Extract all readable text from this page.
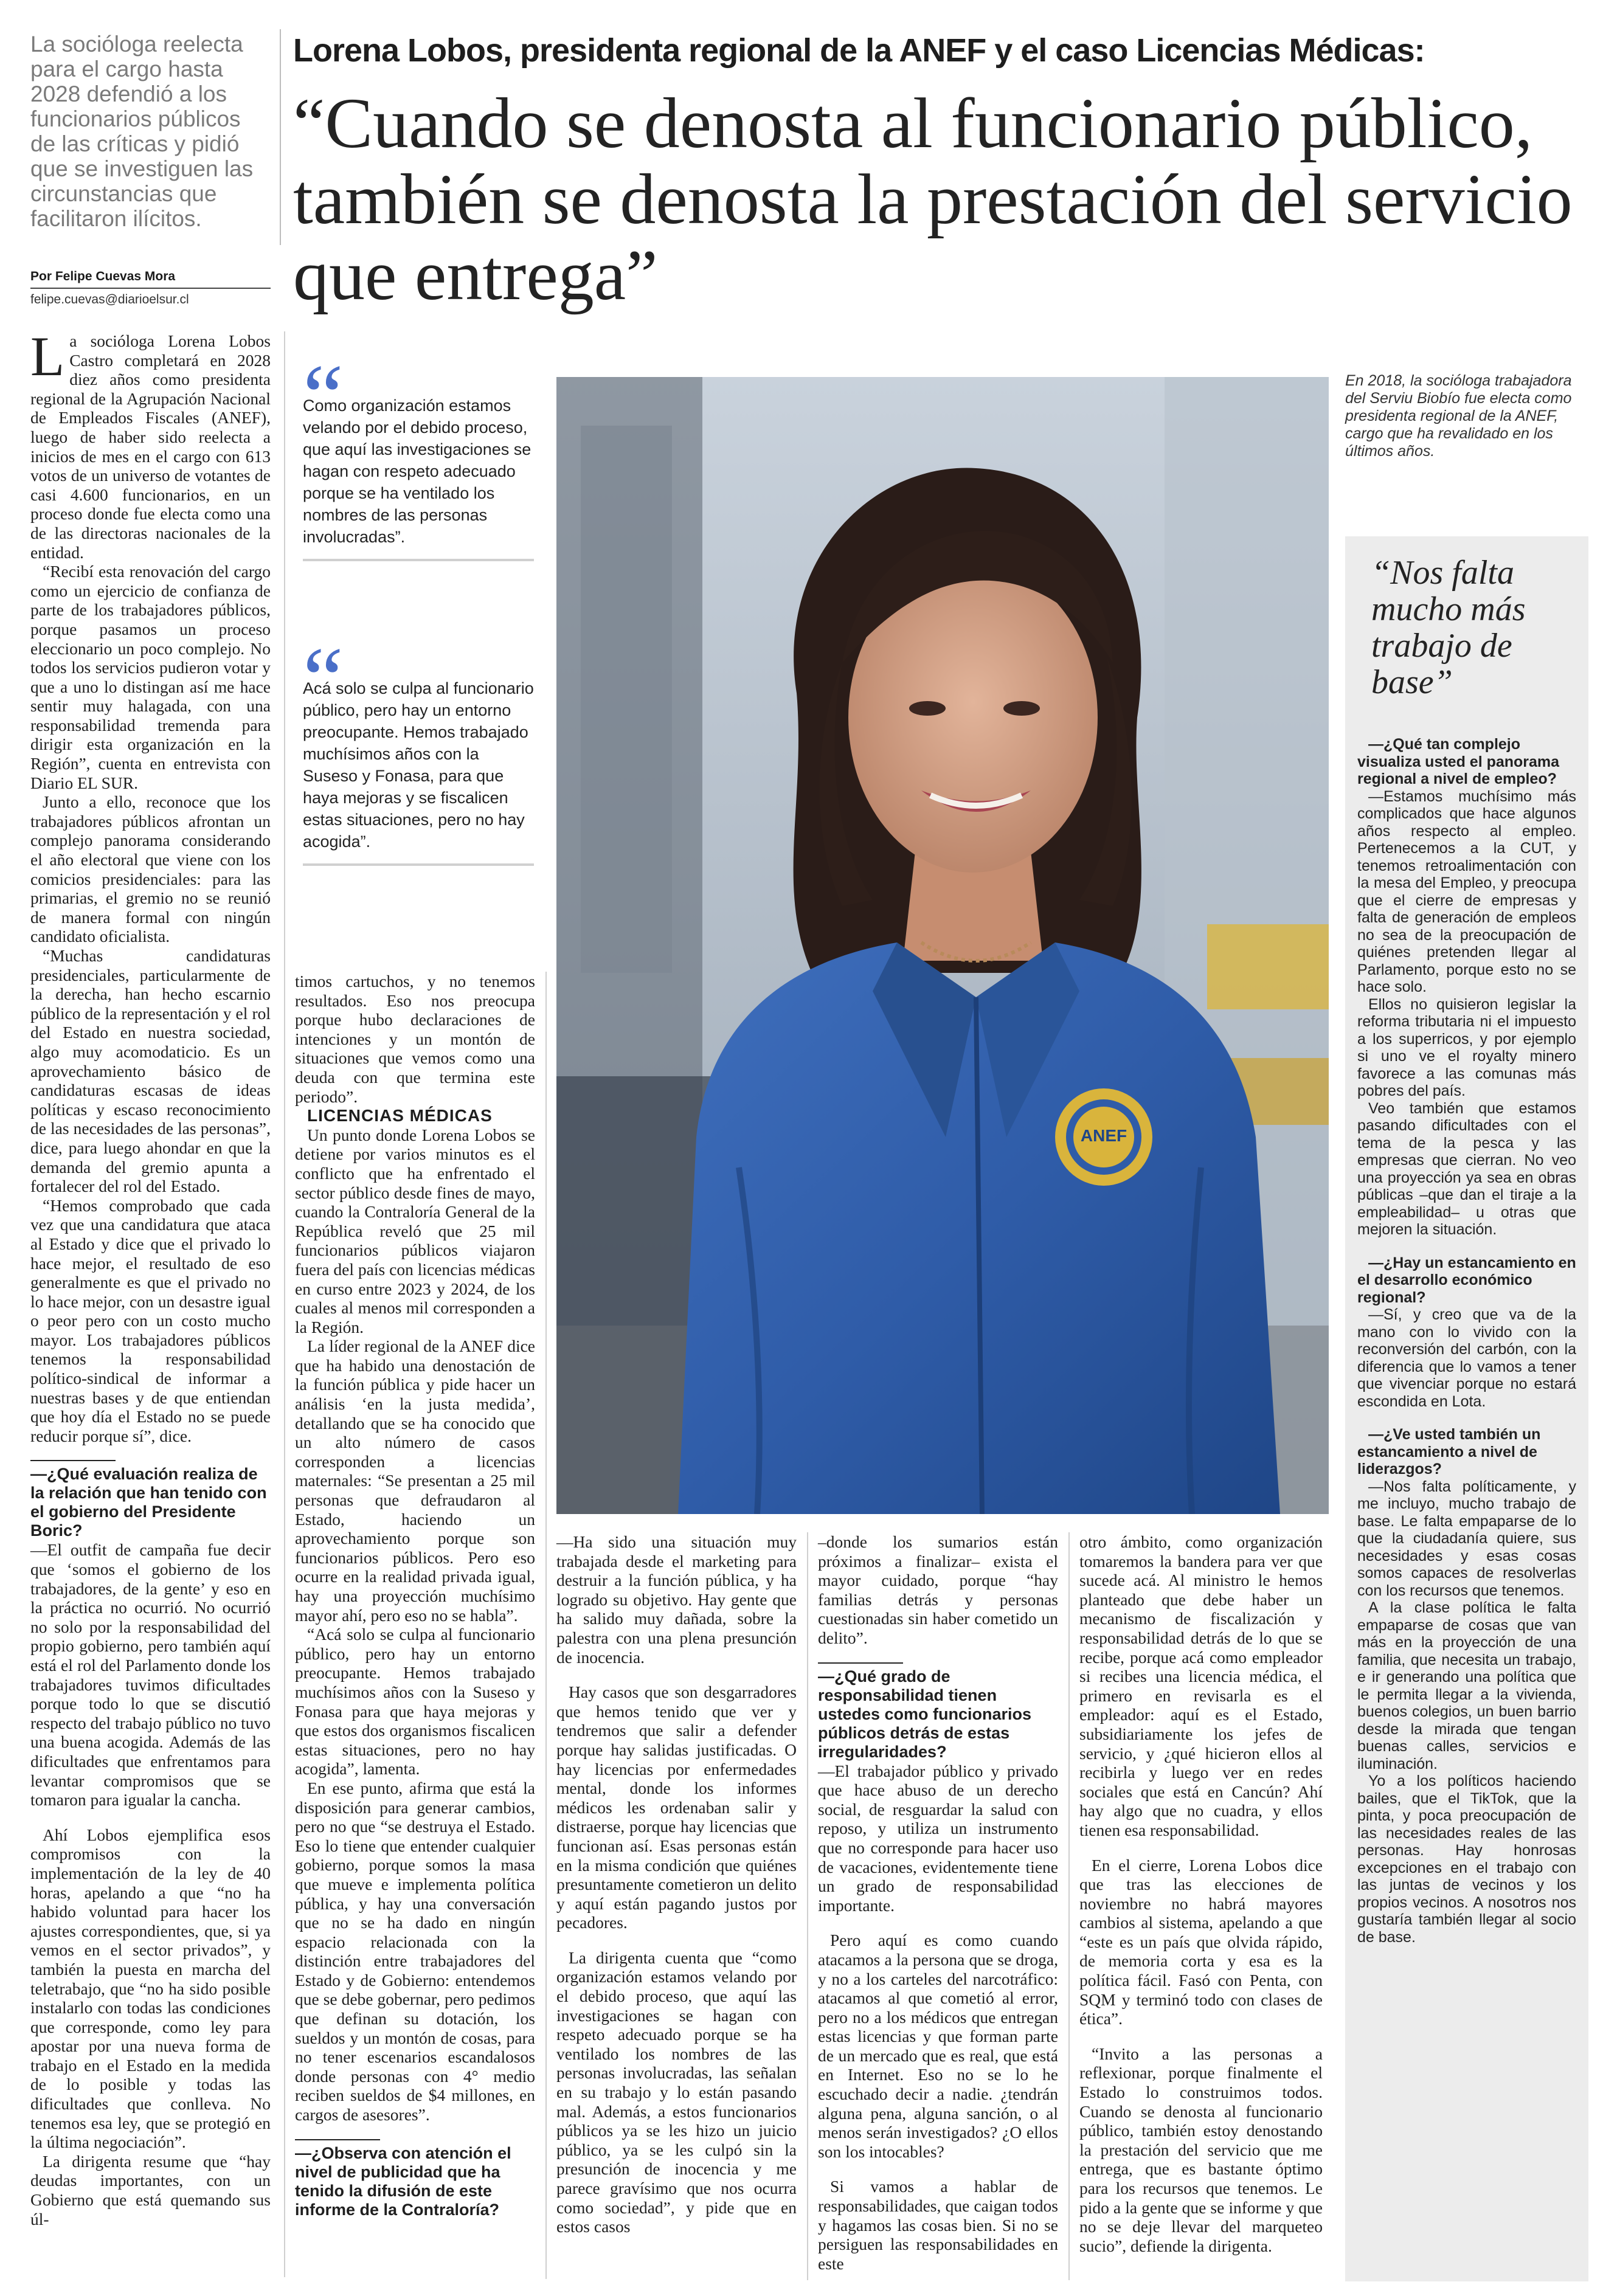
La socióloga reelecta para el cargo hasta 2028 defendió a los funcionarios públicos de las críticas y pidió que se investiguen las circunstancias que facilitaron ilícitos.
Lorena Lobos, presidenta regional de la ANEF y el caso Licencias Médicas:
“Cuando se denosta al funcionario público, también se denosta la prestación del servicio que entrega”
Por Felipe Cuevas Mora
felipe.cuevas@diarioelsur.cl

La socióloga Lorena Lobos Castro completará en 2028 diez años como presidenta regional de la Agrupación Nacional de Empleados Fiscales (ANEF), luego de haber sido reelecta a inicios de mes en el cargo con 613 votos de un universo de votantes de casi 4.600 funcionarios, en un proceso donde fue electa como una de las directoras nacionales de la entidad.

“Recibí esta renovación del cargo como un ejercicio de confianza de parte de los trabajadores públicos, porque pasamos un proceso eleccionario un poco complejo. No todos los servicios pudieron votar y que a uno lo distingan así me hace sentir muy halagada, con una responsabilidad tremenda para dirigir esta organización en la Región”, cuenta en entrevista con Diario EL SUR.

Junto a ello, reconoce que los trabajadores públicos afrontan un complejo panorama considerando el año electoral que viene con los comicios presidenciales: para las primarias, el gremio no se reunió de manera formal con ningún candidato oficialista.

“Muchas candidaturas presidenciales, particularmente de la derecha, han hecho escarnio público de la representación y el rol del Estado en nuestra sociedad, algo muy acomodaticio. Es un aprovechamiento básico de candidaturas escasas de ideas políticas y escaso reconocimiento de las necesidades de las personas”, dice, para luego ahondar en que la demanda del gremio apunta a fortalecer del rol del Estado.

“Hemos comprobado que cada vez que una candidatura que ataca al Estado y dice que el privado lo hace mejor, el resultado de eso generalmente es que el privado no lo hace mejor, con un desastre igual o peor pero con un costo mucho mayor. Los trabajadores públicos tenemos la responsabilidad político-sindical de informar a nuestras bases y de que entiendan que hoy día el Estado no se puede reducir porque sí”, dice.

—¿Qué evaluación realiza de la relación que han tenido con el gobierno del Presidente Boric?

—El outfit de campaña fue decir que ‘somos el gobierno de los trabajadores, de la gente’ y eso en la práctica no ocurrió. No ocurrió no solo por la responsabilidad del propio gobierno, pero también aquí está el rol del Parlamento donde los trabajadores tuvimos dificultades porque todo lo que se discutió respecto del trabajo público no tuvo una buena acogida. Además de las dificultades que enfrentamos para levantar compromisos que se tomaron para igualar la cancha.

Ahí Lobos ejemplifica esos compromisos con la implementación de la ley de 40 horas, apelando a que “no ha habido voluntad para hacer los ajustes correspondientes, que, si ya vemos en el sector privados”, y también la puesta en marcha del teletrabajo, que “no ha sido posible instalarlo con todas las condiciones que corresponde, como ley para apostar por una nueva forma de trabajo en el Estado en la medida de lo posible y todas las dificultades que conlleva. No tenemos esa ley, que se protegió en la última negociación”.

La dirigenta resume que “hay deudas importantes, con un Gobierno que está quemando sus úl-

“
Como organización estamos velando por el debido proceso, que aquí las investigaciones se hagan con respeto adecuado porque se ha ventilado los nombres de las personas involucradas”.
“
Acá solo se culpa al funcionario público, pero hay un entorno preocupante. Hemos trabajado muchísimos años con la Suseso y Fonasa, para que haya mejoras y se fiscalicen estas situaciones, pero no hay acogida”.

timos cartuchos, y no tenemos resultados. Eso nos preocupa porque hubo declaraciones de intenciones y un montón de situaciones que vemos como una deuda con que termina este periodo”.

LICENCIAS MÉDICAS

Un punto donde Lorena Lobos se detiene por varios minutos es el conflicto que ha enfrentado el sector público desde fines de mayo, cuando la Contraloría General de la República reveló que 25 mil funcionarios públicos viajaron fuera del país con licencias médicas en curso entre 2023 y 2024, de los cuales al menos mil corresponden a la Región.

La líder regional de la ANEF dice que ha habido una denostación de la función pública y pide hacer un análisis ‘en la justa medida’, detallando que se ha conocido que un alto número de casos corresponden a licencias maternales: “Se presentan a 25 mil personas que defraudaron al Estado, haciendo un aprovechamiento porque son funcionarios públicos. Pero eso ocurre en la realidad privada igual, hay una proyección muchísimo mayor ahí, pero eso no se habla”.

“Acá solo se culpa al funcionario público, pero hay un entorno preocupante. Hemos trabajado muchísimos años con la Suseso y Fonasa para que haya mejoras y que estos dos organismos fiscalicen estas situaciones, pero no hay acogida”, lamenta.

En ese punto, afirma que está la disposición para generar cambios, pero no que “se destruya el Estado. Eso lo tiene que entender cualquier gobierno, porque somos la masa que mueve e implementa política pública, y hay una conversación que no se ha dado en ningún espacio relacionada con la distinción entre trabajadores del Estado y de Gobierno: entendemos que se debe gobernar, pero pedimos que definan su dotación, los sueldos y un montón de cosas, para no tener escenarios escandalosos donde personas con 4° medio reciben sueldos de $4 millones, en cargos de asesores”.

—¿Observa con atención el nivel de publicidad que ha tenido la difusión de este informe de la Contraloría?

ANEF
En 2018, la socióloga trabajadora del Serviu Biobío fue electa como presidenta regional de la ANEF, cargo que ha revalidado en los últimos años.

—Ha sido una situación muy trabajada desde el marketing para destruir a la función pública, y ha logrado su objetivo. Hay gente que ha salido muy dañada, sobre la palestra con una plena presunción de inocencia.

Hay casos que son desgarradores que hemos tenido que ver y tendremos que salir a defender porque hay salidas justificadas. O hay licencias por enfermedades mental, donde los informes médicos les ordenaban salir y distraerse, porque hay licencias que funcionan así. Esas personas están en la misma condición que quiénes presuntamente cometieron un delito y aquí están pagando justos por pecadores.

La dirigenta cuenta que “como organización estamos velando por el debido proceso, que aquí las investigaciones se hagan con respeto adecuado porque se ha ventilado los nombres de las personas involucradas, las señalan en su trabajo y lo están pasando mal. Además, a estos funcionarios públicos ya se les hizo un juicio público, ya se les culpó sin la presunción de inocencia y me parece gravísimo que nos ocurra como sociedad”, y pide que en estos casos

–donde los sumarios están próximos a finalizar– exista el mayor cuidado, porque “hay familias detrás y personas cuestionadas sin haber cometido un delito”.

—¿Qué grado de responsabilidad tienen ustedes como funcionarios públicos detrás de estas irregularidades?

—El trabajador público y privado que hace abuso de un derecho social, de resguardar la salud con reposo, y utiliza un instrumento que no corresponde para hacer uso de vacaciones, evidentemente tiene un grado de responsabilidad importante.

Pero aquí es como cuando atacamos a la persona que se droga, y no a los carteles del narcotráfico: atacamos al que cometió al error, pero no a los médicos que entregan estas licencias y que forman parte de un mercado que es real, que está en Internet. Eso no se lo he escuchado decir a nadie. ¿tendrán alguna pena, alguna sanción, o al menos serán investigados? ¿O ellos son los intocables?

Si vamos a hablar de responsabilidades, que caigan todos y hagamos las cosas bien. Si no se persiguen las responsabilidades en este

otro ámbito, como organización tomaremos la bandera para ver que sucede acá. Al ministro le hemos planteado que debe haber un mecanismo de fiscalización y responsabilidad detrás de lo que se recibe, porque acá como empleador si recibes una licencia médica, el primero en revisarla es el empleador: aquí es el Estado, subsidiariamente los jefes de servicio, y ¿qué hicieron ellos al recibirla y luego ver en redes sociales que está en Cancún? Ahí hay algo que no cuadra, y ellos tienen esa responsabilidad.

En el cierre, Lorena Lobos dice que tras las elecciones de noviembre no habrá mayores cambios al sistema, apelando a que “este es un país que olvida rápido, de memoria corta y esa es la política fácil. Fasó con Penta, con SQM y terminó todo con clases de ética”.

“Invito a las personas a reflexionar, porque finalmente el Estado lo construimos todos. Cuando se denosta al funcionario público, también estoy denostando la prestación del servicio que me entrega, que es bastante óptimo para los recursos que tenemos. Le pido a la gente que se informe y que no se deje llevar del marqueteo sucio”, defiende la dirigenta.

“Nos falta mucho más trabajo de base”

—¿Qué tan complejo visualiza usted el panorama regional a nivel de empleo?

—Estamos muchísimo más complicados que hace algunos años respecto al empleo. Pertenecemos a la CUT, y tenemos retroalimentación con la mesa del Empleo, y preocupa que el cierre de empresas y falta de generación de empleos no sea de la preocupación de quiénes pretenden llegar al Parlamento, porque esto no se hace solo.

Ellos no quisieron legislar la reforma tributaria ni el impuesto a los superricos, y por ejemplo si uno ve el royalty minero favorece a las comunas más pobres del país.

Veo también que estamos pasando dificultades con el tema de la pesca y las empresas que cierran. No veo una proyección ya sea en obras públicas –que dan el tiraje a la empleabilidad– u otras que mejoren la situación.

—¿Hay un estancamiento en el desarrollo económico regional?

—Sí, y creo que va de la mano con lo vivido con la reconversión del carbón, con la diferencia que lo vamos a tener que vivenciar porque no estará escondida en Lota.

—¿Ve usted también un estancamiento a nivel de liderazgos?

—Nos falta políticamente, y me incluyo, mucho trabajo de base. Le falta empaparse de lo que la ciudadanía quiere, sus necesidades y esas cosas somos capaces de resolverlas con los recursos que tenemos.

A la clase política le falta empaparse de cosas que van más en la proyección de una familia, que necesita un trabajo, e ir generando una política que le permita llegar a la vivienda, buenos colegios, un buen barrio desde la mirada que tengan buenas calles, servicios e iluminación.

Yo a los políticos haciendo bailes, que el TikTok, que la pinta, y poca preocupación de las necesidades reales de las personas. Hay honrosas excepciones en el trabajo con las juntas de vecinos y los propios vecinos. A nosotros nos gustaría también llegar al socio de base.
